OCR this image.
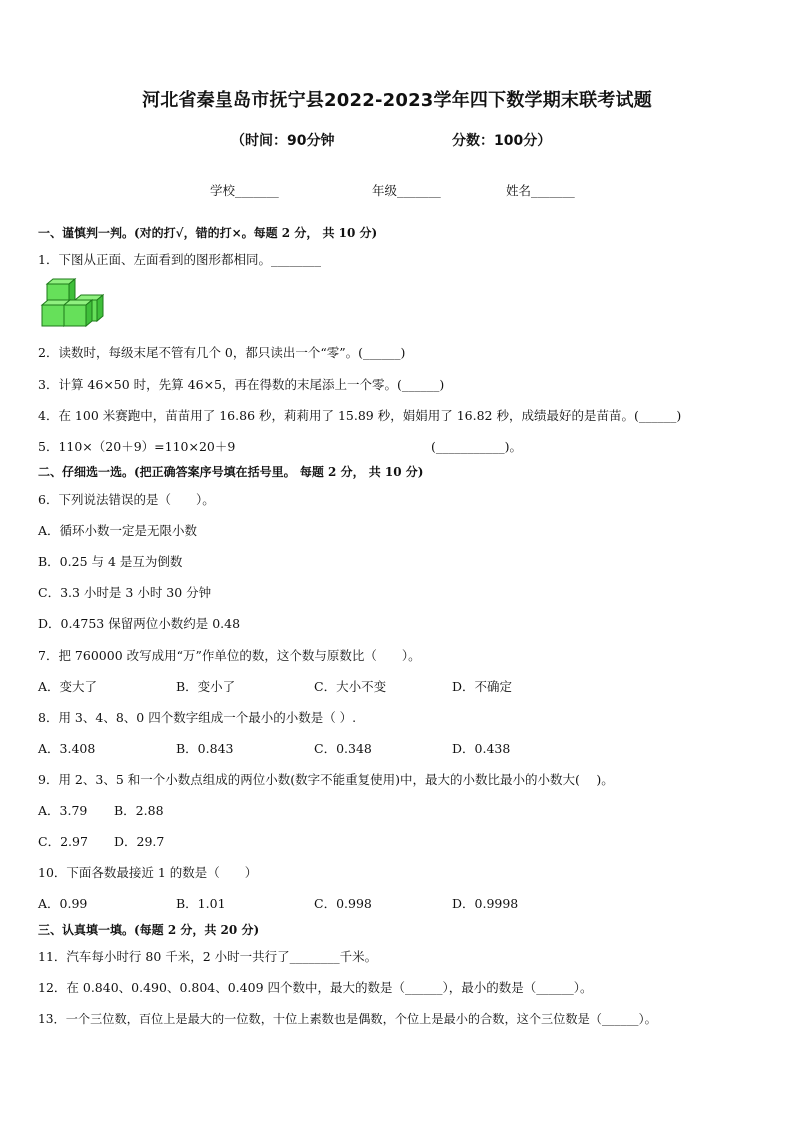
河北省秦皇岛市抚宁县2022-2023学年四下数学期末联考试题
（时间：90分钟	分数：100分）
学校_______	年级_______	姓名_______
一、谨慎判一判。(对的打√，错的打×。每题 2 分， 共 10 分)
1．下图从正面、左面看到的图形都相同。________
2．读数时，每级末尾不管有几个 0，都只读出一个“零”。(______)
3．计算 46×50 时，先算 46×5，再在得数的末尾添上一个零。(______)
4．在 100 米赛跑中，苗苗用了 16.86 秒，莉莉用了 15.89 秒，娟娟用了 16.82 秒，成绩最好的是苗苗。(______)
5．110×（20＋9）=110×20＋9	(___________)。
二、仔细选一选。(把正确答案序号填在括号里。 每题 2 分， 共 10 分)
6．下列说法错误的是（　　）。
A．循环小数一定是无限小数
B．0.25 与 4 是互为倒数
C．3.3 小时是 3 小时 30 分钟
D．0.4753 保留两位小数约是 0.48
7．把 760000 改写成用“万”作单位的数，这个数与原数比（　　）。
A．变大了	B．变小了	C．大小不变	D．不确定
8．用 3、4、8、0 四个数字组成一个最小的小数是（ ）.
A．3.408	B．0.843	C．0.348	D．0.438
9．用 2、3、5 和一个小数点组成的两位小数(数字不能重复使用)中，最大的小数比最小的小数大(　 )。
A．3.79 B．2.88
C．2.97 D．29.7
10．下面各数最接近 1 的数是（　　）
A．0.99	B．1.01	C．0.998	D．0.9998
三、认真填一填。(每题 2 分，共 20 分)
11．汽车每小时行 80 千米，2 小时一共行了________千米。
12．在 0.840、0.490、0.804、0.409 四个数中，最大的数是（______），最小的数是（______）。
13．一个三位数，百位上是最大的一位数，十位上素数也是偶数，个位上是最小的合数，这个三位数是（______）。
